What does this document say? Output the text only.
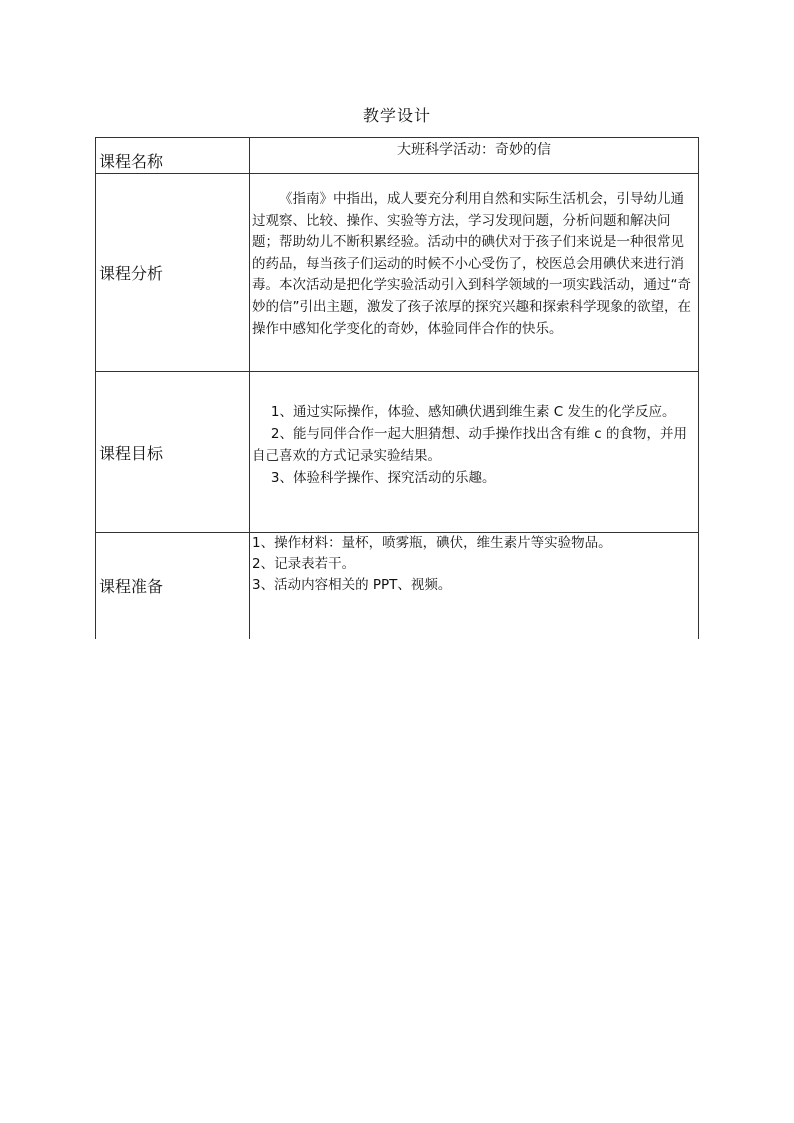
教学设计
课程名称	大班科学活动：奇妙的信

课程分析	《指南》中指出，成人要充分利用自然和实际生活机会，引导幼儿通过观察、比较、操作、实验等方法，学习发现问题，分析问题和解决问题；帮助幼儿不断积累经验。活动中的碘伏对于孩子们来说是一种很常见的药品，每当孩子们运动的时候不小心受伤了，校医总会用碘伏来进行消毒。本次活动是把化学实验活动引入到科学领域的一项实践活动，通过“奇妙的信”引出主题，激发了孩子浓厚的探究兴趣和探索科学现象的欲望，在操作中感知化学变化的奇妙，体验同伴合作的快乐。

课程目标	1、通过实际操作，体验、感知碘伏遇到维生素 C 发生的化学反应。
2、能与同伴合作一起大胆猜想、动手操作找出含有维 c 的食物，并用自己喜欢的方式记录实验结果。
3、体验科学操作、探究活动的乐趣。

课程准备	1、操作材料：量杯，喷雾瓶，碘伏，维生素片等实验物品。
2、记录表若干。
3、活动内容相关的 PPT、视频。
